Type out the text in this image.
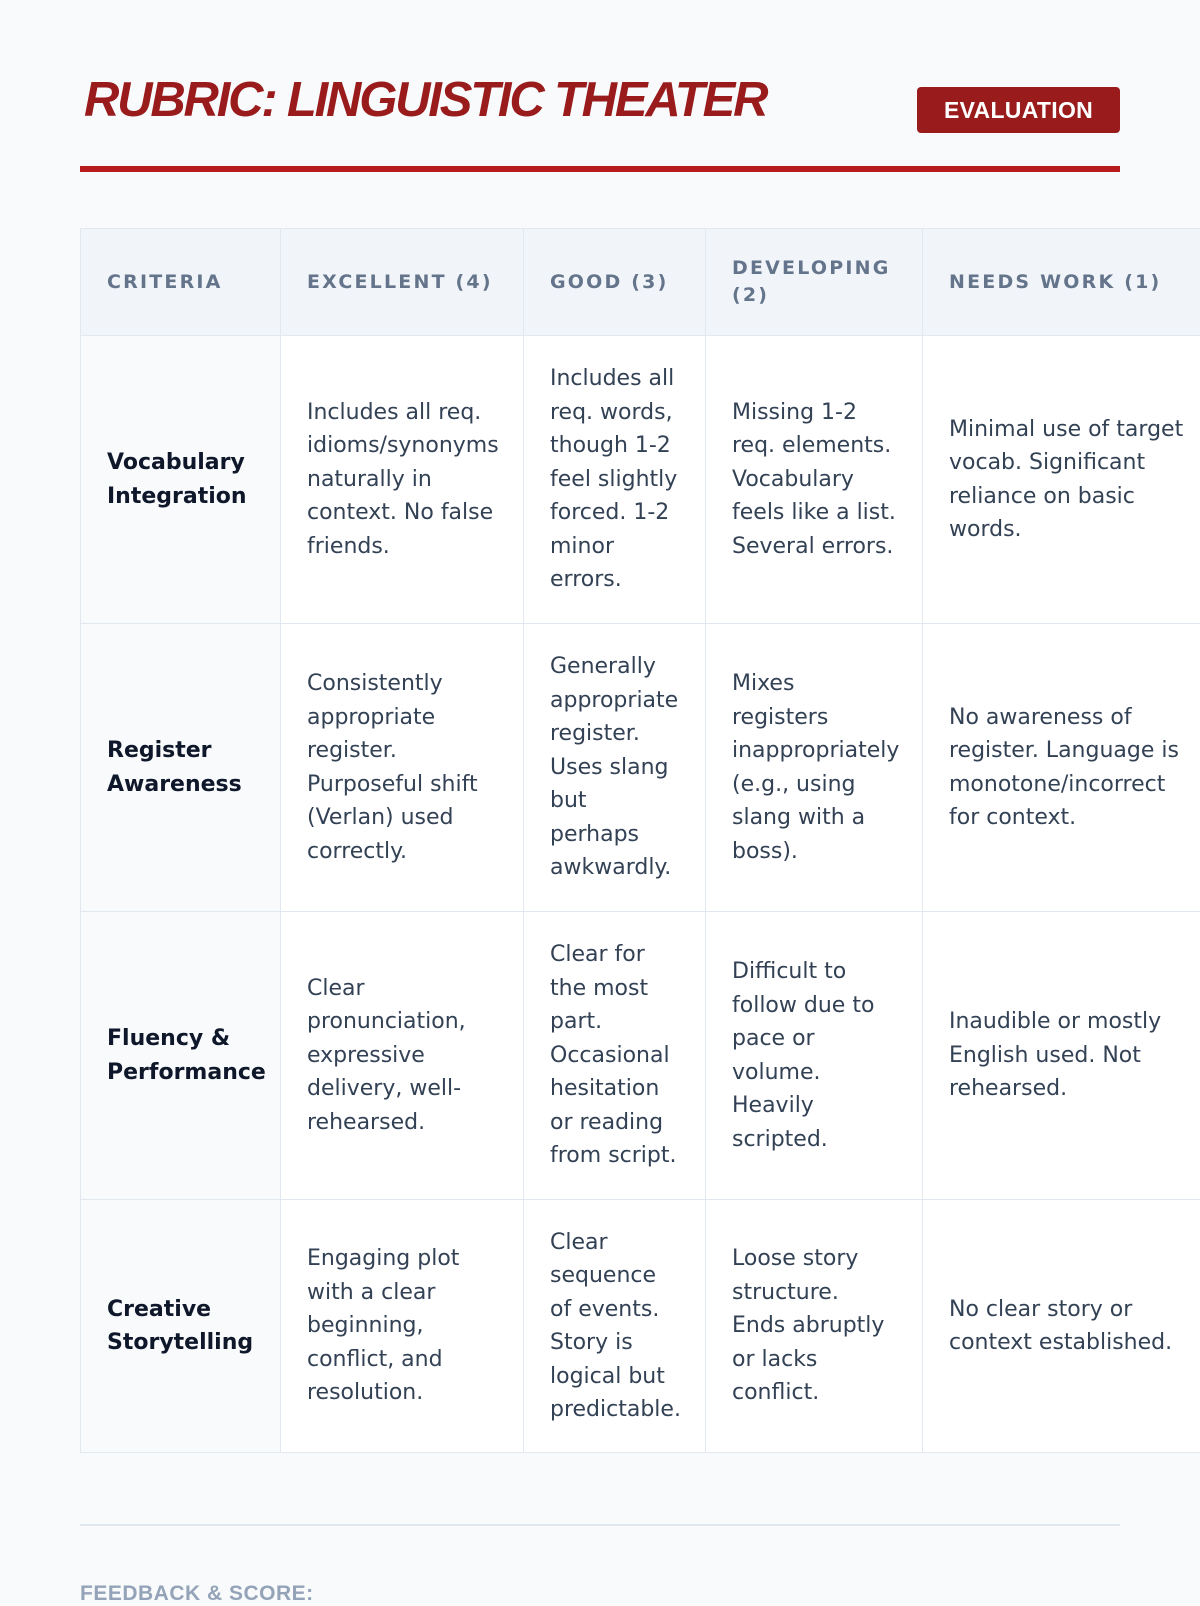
RUBRIC: LINGUISTIC THEATER	EVALUATION
CRITERIA	EXCELLENT (4)	GOOD (3)	DEVELOPING (2)	NEEDS WORK (1)
Vocabulary Integration	Includes all req. idioms/synonyms naturally in context. No false friends.	Includes all req. words, though 1-2 feel slightly forced. 1-2 minor errors.	Missing 1-2 req. elements. Vocabulary feels like a list. Several errors.	Minimal use of target vocab. Significant reliance on basic words.
Register Awareness	Consistently appropriate register. Purposeful shift (Verlan) used correctly.	Generally appropriate register. Uses slang but perhaps awkwardly.	Mixes registers inappropriately (e.g., using slang with a boss).	No awareness of register. Language is monotone/incorrect for context.
Fluency & Performance	Clear pronunciation, expressive delivery, well-rehearsed.	Clear for the most part. Occasional hesitation or reading from script.	Difficult to follow due to pace or volume. Heavily scripted.	Inaudible or mostly English used. Not rehearsed.
Creative Storytelling	Engaging plot with a clear beginning, conflict, and resolution.	Clear sequence of events. Story is logical but predictable.	Loose story structure. Ends abruptly or lacks conflict.	No clear story or context established.
FEEDBACK & SCORE:
